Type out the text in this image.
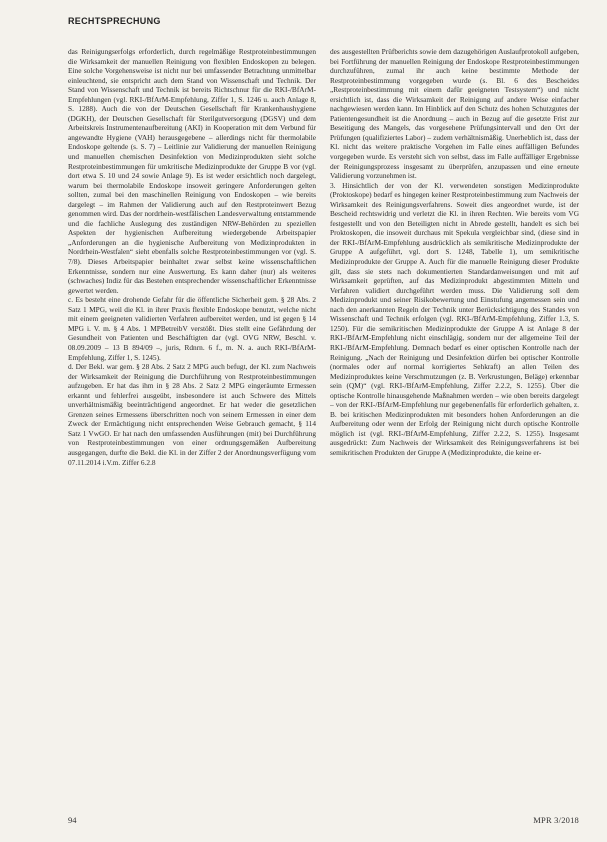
RECHTSPRECHUNG

das Reinigungserfolgs erforderlich, durch regelmäßige Restproteinbestimmungen die Wirksamkeit der manuellen Reinigung von flexiblen Endoskopen zu belegen. Eine solche Vorgehensweise ist nicht nur bei umfassender Betrachtung unmittelbar einleuchtend, sie entspricht auch dem Stand von Wissenschaft und Technik. Der Stand von Wissenschaft und Technik ist bereits Richtschnur für die RKI-/BfArM-Empfehlungen (vgl. RKI-/BfArM-Empfehlung, Ziffer 1, S. 1246 u. auch Anlage 8, S. 1288). Auch die von der Deutschen Gesellschaft für Krankenhaushygiene (DGKH), der Deutschen Gesellschaft für Sterilgutversorgung (DGSV) und dem Arbeitskreis Instrumentenaufbereitung (AKI) in Kooperation mit dem Verbund für angewandte Hygiene (VAH) herausgegebene – allerdings nicht für thermolabile Endoskope geltende (s. S. 7) – Leitlinie zur Validierung der manuellen Reinigung und manuellen chemischen Desinfektion von Medizinprodukten sieht solche Restproteinbestimmungen für umkritische Medizinprodukte der Gruppe B vor (vgl. dort etwa S. 10 und 24 sowie Anlage 9). Es ist weder ersichtlich noch dargelegt, warum bei thermolabile Endoskope insoweit geringere Anforderungen gelten sollten, zumal bei den maschinellen Reinigung von Endoskopen – wie bereits dargelegt – im Rahmen der Validierung auch auf den Restproteinwert Bezug genommen wird. Das der nordrhein-westfälischen Landesverwaltung entstammende und die fachliche Auslegung des zuständigen NRW-Behörden zu speziellen Aspekten der hygienischen Aufbereitung wiedergebende Arbeitspapier „Anforderungen an die hygienische Aufbereitung von Medizinprodukten in Nordrhein-Westfalen“ sieht ebenfalls solche Restproteinbestimmungen vor (vgl. S. 7/8). Dieses Arbeitspapier beinhaltet zwar selbst keine wissenschaftlichen Erkenntnisse, sondern nur eine Auswertung. Es kann daher (nur) als weiteres (schwaches) Indiz für das Bestehen entsprechender wissenschaftlicher Erkenntnisse gewertet werden.

c. Es besteht eine drohende Gefahr für die öffentliche Sicherheit gem. § 28 Abs. 2 Satz 1 MPG, weil die Kl. in ihrer Praxis flexible Endoskope benutzt, welche nicht mit einem geeigneten validierten Verfahren aufbereitet werden, und ist gegen § 14 MPG i. V. m. § 4 Abs. 1 MPBetreibV verstößt. Dies stellt eine Gefährdung der Gesundheit von Patienten und Beschäftigten dar (vgl. OVG NRW, Beschl. v. 08.09.2009 – 13 B 894/09 –, juris, Rdnrn. 6 f., m. N. a. auch RKI-/BfArM-Empfehlung, Ziffer 1, S. 1245).

d. Der Bekl. war gem. § 28 Abs. 2 Satz 2 MPG auch befugt, der Kl. zum Nachweis der Wirksamkeit der Reinigung die Durchführung von Restproteinbestimmungen aufzugeben. Er hat das ihm in § 28 Abs. 2 Satz 2 MPG eingeräumte Ermessen erkannt und fehlerfrei ausgeübt, insbesondere ist auch Schwere des Mittels unverhältnismäßig beeinträchtigend angeordnet. Er hat weder die gesetzlichen Grenzen seines Ermessens überschritten noch von seinem Ermessen in einer dem Zweck der Ermächtigung nicht entsprechenden Weise Gebrauch gemacht, § 114 Satz 1 VwGO. Er hat nach den umfassenden Ausführungen (mit) bei Durchführung von Restproteinbestimmungen von einer ordnungsgemäßen Aufbereitung ausgegangen, durfte die Bekl. die Kl. in der Ziffer 2 der Anordnungsverfügung vom 07.11.2014 i.V.m. Ziffer 6.2.8

des ausgestellten Prüfberichts sowie dem dazugehörigen Auslaufprotokoll aufgeben, bei Fortführung der manuellen Reinigung der Endoskope Restproteinbestimmungen durchzuführen, zumal ihr auch keine bestimmte Methode der Restproteinbestimmung vorgegeben wurde (s. Bl. 6 des Bescheides „Restproteinbestimmung mit einem dafür geeigneten Testsystem“) und nicht ersichtlich ist, dass die Wirksamkeit der Reinigung auf andere Weise einfacher nachgewiesen werden kann. Im Hinblick auf den Schutz des hohen Schutzgutes der Patientengesundheit ist die Anordnung – auch in Bezug auf die gesetzte Frist zur Beseitigung des Mangels, das vorgesehene Prüfungsintervall und den Ort der Prüfungen (qualifiziertes Labor) – zudem verhältnismäßig. Unerheblich ist, dass der Kl. nicht das weitere praktische Vorgehen im Falle eines auffälligen Befundes vorgegeben wurde. Es versteht sich von selbst, dass im Falle auffälliger Ergebnisse der Reinigungsprozess insgesamt zu überprüfen, anzupassen und eine erneute Validierung vorzunehmen ist.

3. Hinsichtlich der von der Kl. verwendeten sonstigen Medizinprodukte (Proktoskope) bedarf es hingegen keiner Restproteinbestimmung zum Nachweis der Wirksamkeit des Reinigungsverfahrens. Soweit dies angeordnet wurde, ist der Bescheid rechtswidrig und verletzt die Kl. in ihren Rechten. Wie bereits vom VG festgestellt und von den Beteiligten nicht in Abrede gestellt, handelt es sich bei Proktoskopen, die insoweit durchaus mit Spekula vergleichbar sind, (diese sind in der RKI-/BfArM-Empfehlung ausdrücklich als semikritische Medizinprodukte der Gruppe A aufgeführt, vgl. dort S. 1248, Tabelle 1), um semikritische Medizinprodukte der Gruppe A. Auch für die manuelle Reinigung dieser Produkte gilt, dass sie stets nach dokumentierten Standardanweisungen und mit auf Wirksamkeit geprüften, auf das Medizinprodukt abgestimmten Mitteln und Verfahren validiert durchgeführt werden muss. Die Validierung soll dem Medizinprodukt und seiner Risikobewertung und Einstufung angemessen sein und nach den anerkannten Regeln der Technik unter Berücksichtigung des Standes von Wissenschaft und Technik erfolgen (vgl. RKI-/BfArM-Empfehlung, Ziffer 1.3, S. 1250). Für die semikritischen Medizinprodukte der Gruppe A ist Anlage 8 der RKI-/BfArM-Empfehlung nicht einschlägig, sondern nur der allgemeine Teil der RKI-/BfArM-Empfehlung. Demnach bedarf es einer optischen Kontrolle nach der Reinigung. „Nach der Reinigung und Desinfektion dürfen bei optischer Kontrolle (normales oder auf normal korrigiertes Sehkraft) an allen Teilen des Medizinproduktes keine Verschmutzungen (z. B. Verkrustungen, Beläge) erkennbar sein (QM)“ (vgl. RKI-/BfArM-Empfehlung, Ziffer 2.2.2, S. 1255). Über die optische Kontrolle hinausgehende Maßnahmen werden – wie oben bereits dargelegt – von der RKI-/BfArM-Empfehlung nur gegebenenfalls für erforderlich gehalten, z. B. bei kritischen Medizinprodukten mit besonders hohen Anforderungen an die Aufbereitung oder wenn der Erfolg der Reinigung nicht durch optische Kontrolle möglich ist (vgl. RKI-/BfArM-Empfehlung, Ziffer 2.2.2, S. 1255). Insgesamt ausgedrückt: Zum Nachweis der Wirksamkeit des Reinigungsverfahrens ist bei semikritischen Produkten der Gruppe A (Medizinprodukte, die keine er-

94	MPR 3/2018
